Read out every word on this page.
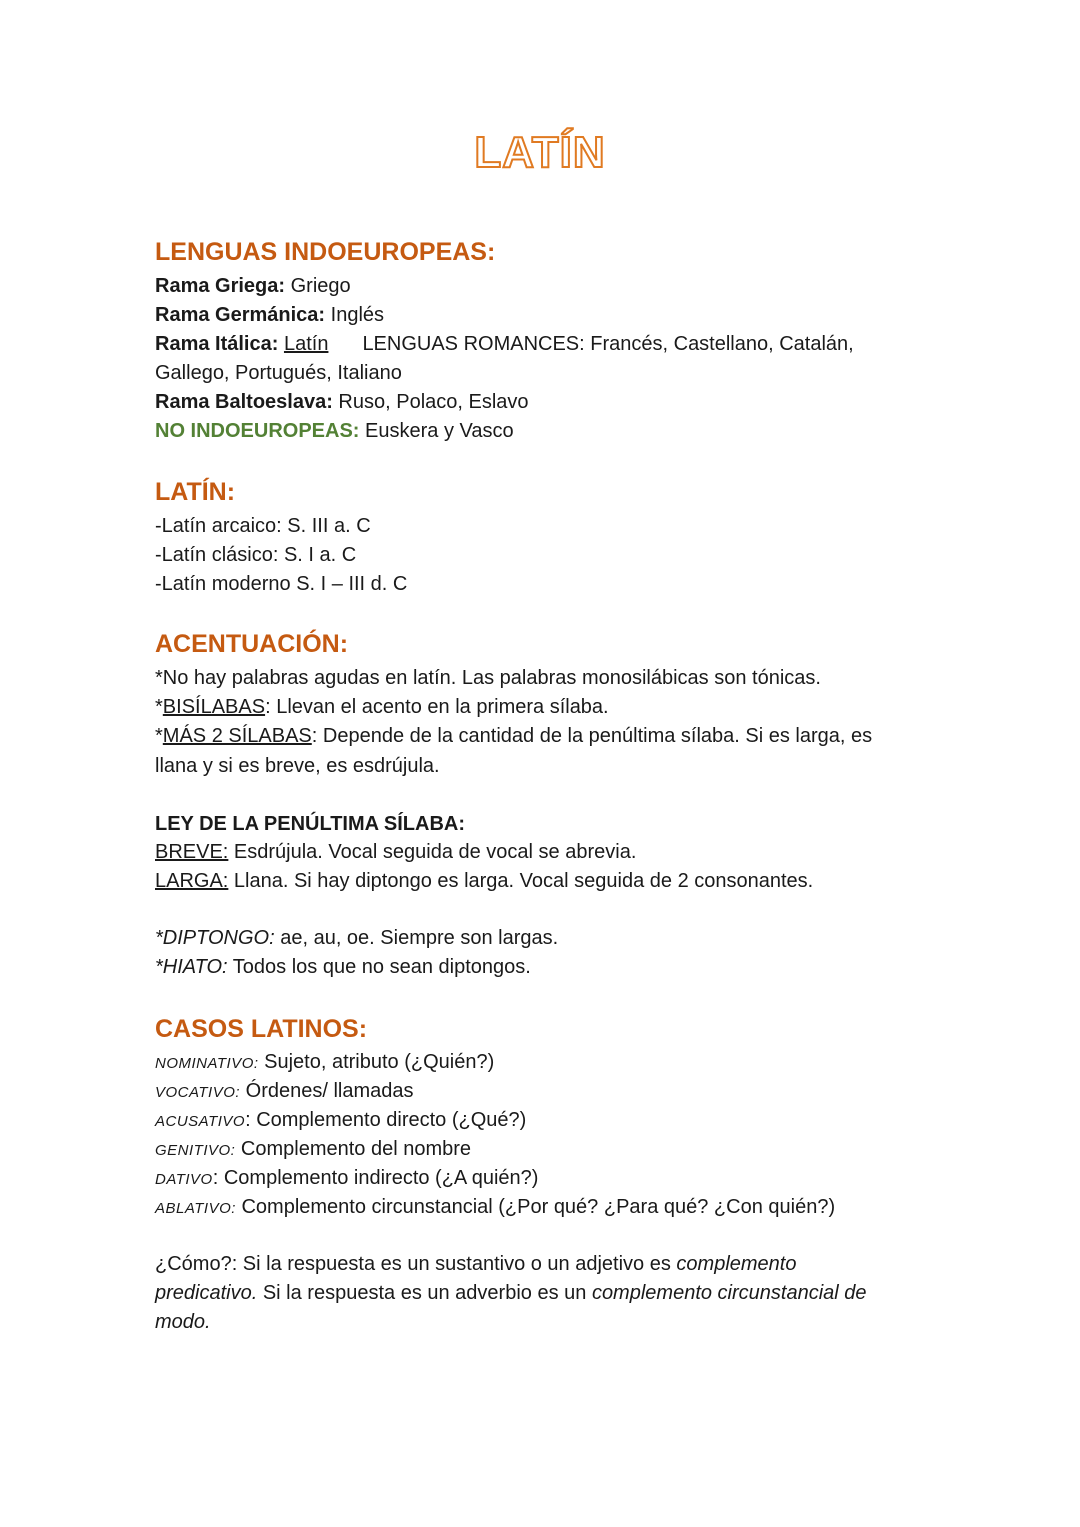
LATÍN
LENGUAS INDOEUROPEAS:
Rama Griega: Griego
Rama Germánica: Inglés
Rama Itálica: Latín LENGUAS ROMANCES: Francés, Castellano, Catalán,
Gallego, Portugués, Italiano
Rama Baltoeslava: Ruso, Polaco, Eslavo
NO INDOEUROPEAS: Euskera y Vasco
LATÍN:
-Latín arcaico: S. III a. C
-Latín clásico: S. I a. C
-Latín moderno S. I – III d. C
ACENTUACIÓN:
*No hay palabras agudas en latín. Las palabras monosilábicas son tónicas.
*BISÍLABAS: Llevan el acento en la primera sílaba.
*MÁS 2 SÍLABAS: Depende de la cantidad de la penúltima sílaba. Si es larga, es
llana y si es breve, es esdrújula.
LEY DE LA PENÚLTIMA SÍLABA:
BREVE: Esdrújula. Vocal seguida de vocal se abrevia.
LARGA: Llana. Si hay diptongo es larga. Vocal seguida de 2 consonantes.
*DIPTONGO: ae, au, oe. Siempre son largas.
*HIATO: Todos los que no sean diptongos.
CASOS LATINOS:
NOMINATIVO: Sujeto, atributo (¿Quién?)
VOCATIVO: Órdenes/ llamadas
ACUSATIVO: Complemento directo (¿Qué?)
GENITIVO: Complemento del nombre
DATIVO: Complemento indirecto (¿A quién?)
ABLATIVO: Complemento circunstancial (¿Por qué? ¿Para qué? ¿Con quién?)
¿Cómo?: Si la respuesta es un sustantivo o un adjetivo es complemento
predicativo. Si la respuesta es un adverbio es un complemento circunstancial de
modo.
